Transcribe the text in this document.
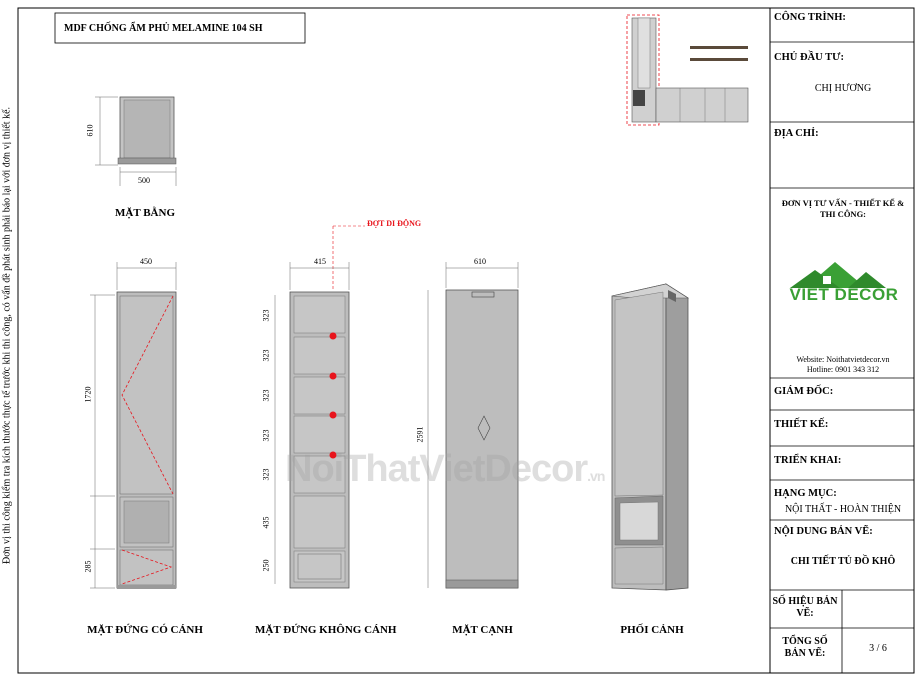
MDF CHỐNG ẨM PHỦ MELAMINE 104 SH
Đơn vị thi công kiểm tra kích thước thực tế trước khi thi công, có vấn đề phát sinh phải báo lại với đơn vị thiết kế.	NoiThatVietDecor.vn
610
500
MẶT BẰNG
450
1720
285
MẶT ĐỨNG CÓ CÁNH
415
323
323
323
323
323
435
250
ĐỢT DI ĐỘNG
MẶT ĐỨNG KHÔNG CÁNH
610
2591
MẶT CẠNH	PHỐI CẢNH
CÔNG TRÌNH:
CHỦ ĐẦU TƯ:
CHỊ HƯƠNG
ĐỊA CHỈ:
ĐƠN VỊ TƯ VẤN - THIẾT KẾ & THI CÔNG:
VIET DECOR
Website: Noithatvietdecor.vn
Hotline: 0901 343 312
GIÁM ĐỐC:
THIẾT KẾ:
TRIỂN KHAI:
HẠNG MỤC:
NỘI THẤT - HOÀN THIỆN
NỘI DUNG BẢN VẼ:
CHI TIẾT TỦ ĐỒ KHÔ
SỐ HIỆU BẢN VẼ:
TỔNG SỐ BẢN VẼ:	3 / 6
